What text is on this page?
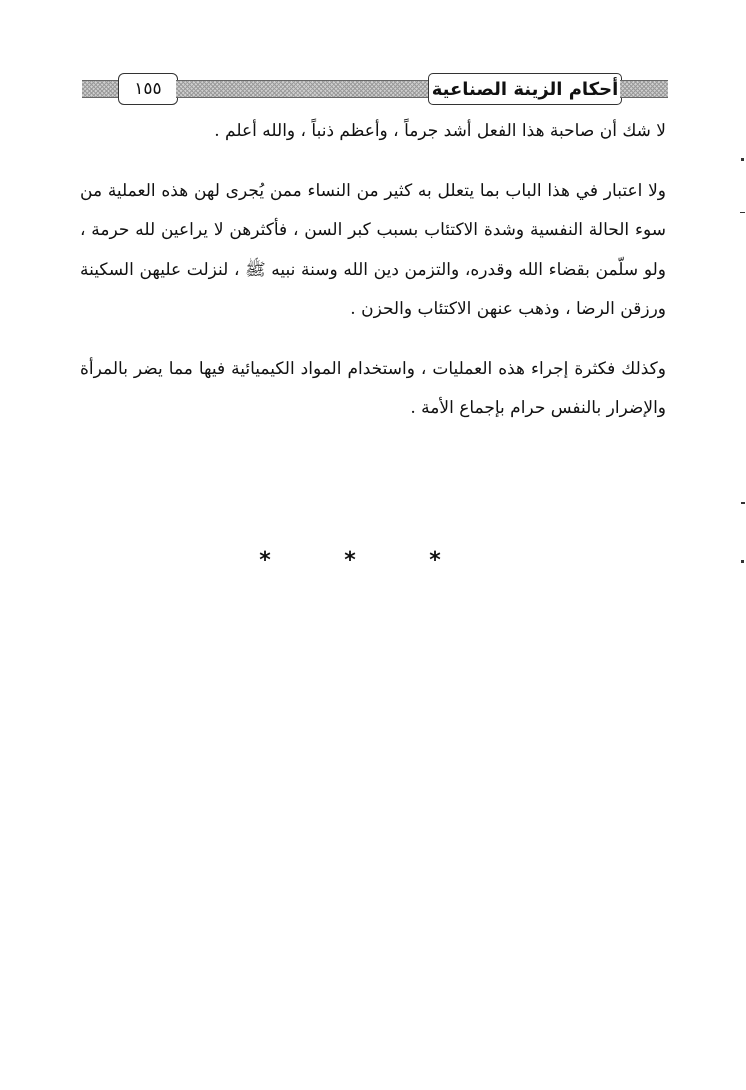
١٥٥	أحكام الزينة الصناعية

لا شك أن صاحبة هذا الفعل أشد جرماً ، وأعظم ذنباً ، والله أعلم .

ولا اعتبار في هذا الباب بما يتعلل به كثير من النساء ممن يُجرى لهن هذه العملية من سوء الحالة النفسية وشدة الاكتئاب بسبب كبر السن ، فأكثرهن لا يراعين لله حرمة ، ولو سلّمن بقضاء الله وقدره، والتزمن دين الله وسنة نبيه ﷺ ، لنزلت عليهن السكينة ورزقن الرضا ، وذهب عنهن الاكتئاب والحزن .

وكذلك فكثرة إجراء هذه العمليات ، واستخدام المواد الكيميائية فيها مما يضر بالمرأة والإضرار بالنفس حرام بإجماع الأمة .

*	*	*
